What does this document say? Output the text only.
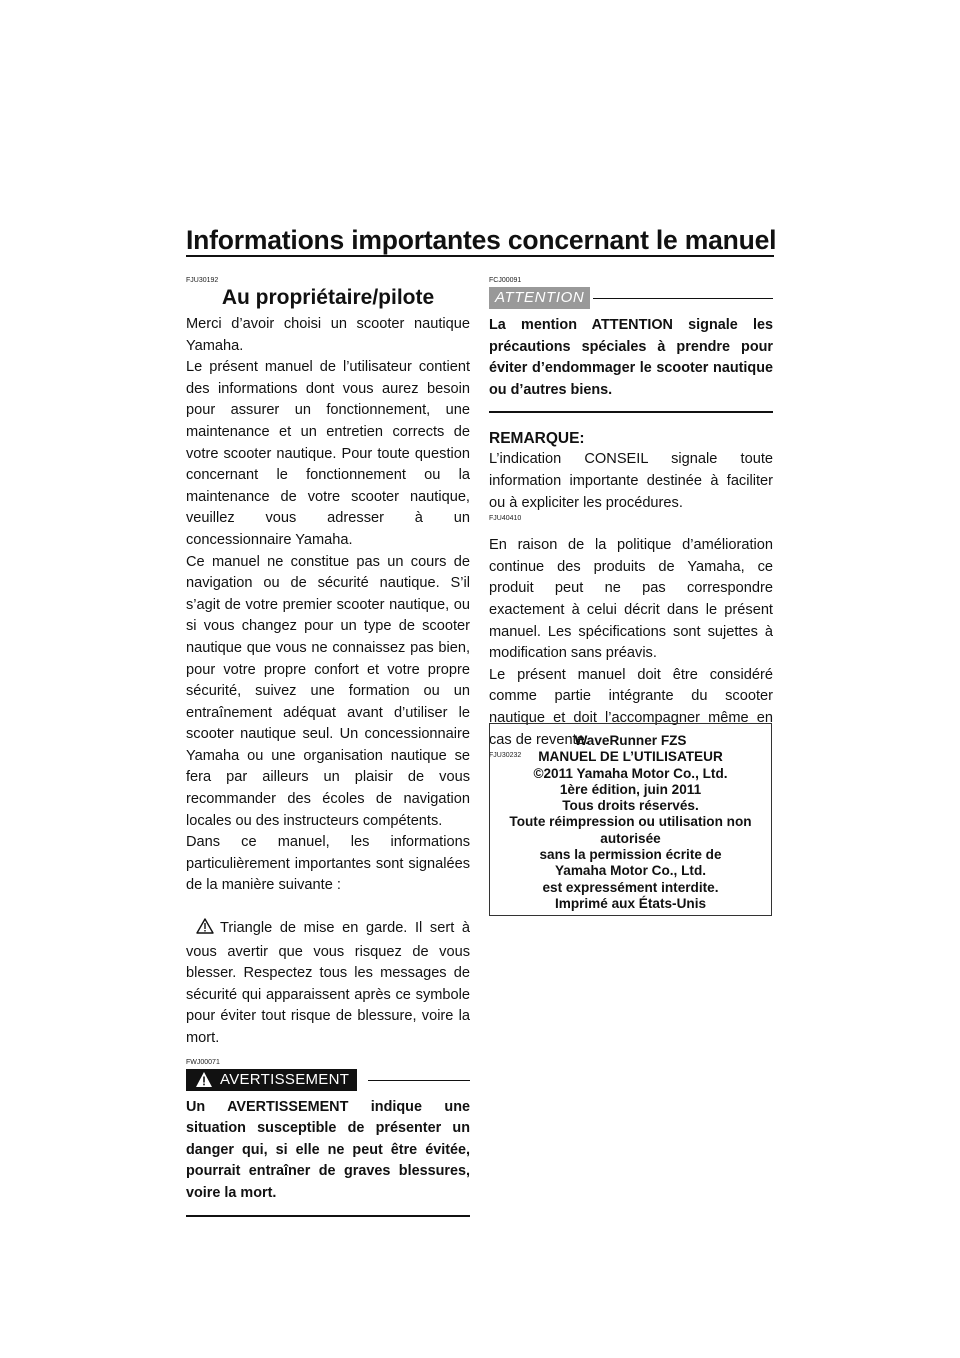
Informations importantes concernant le manuel
FJU30192
Au propriétaire/pilote

Merci d’avoir choisi un scooter nautique Yamaha.

Le présent manuel de l’utilisateur contient des informations dont vous aurez besoin pour assurer un fonctionnement, une maintenance et un entretien corrects de votre scooter nautique. Pour toute question concernant le fonctionnement ou la maintenance de votre scooter nautique, veuillez vous adresser à un concessionnaire Yamaha.

Ce manuel ne constitue pas un cours de navigation ou de sécurité nautique. S’il s’agit de votre premier scooter nautique, ou si vous changez pour un type de scooter nautique que vous ne connaissez pas bien, pour votre propre confort et votre propre sécurité, suivez une formation ou un entraînement adéquat avant d’utiliser le scooter nautique seul. Un concessionnaire Yamaha ou une organisation nautique se fera par ailleurs un plaisir de vous recommander des écoles de navigation locales ou des instructeurs compétents.

Dans ce manuel, les informations particulièrement importantes sont signalées de la manière suivante :

Triangle de mise en garde. Il sert à vous avertir que vous risquez de vous blesser. Respectez tous les messages de sécurité qui apparaissent après ce symbole pour éviter tout risque de blessure, voire la mort.

FWJ00071
AVERTISSEMENT
Un AVERTISSEMENT indique une situation susceptible de présenter un danger qui, si elle ne peut être évitée, pourrait entraîner de graves blessures, voire la mort.
FCJ00091
ATTENTION
La mention ATTENTION signale les précautions spéciales à prendre pour éviter d’endommager le scooter nautique ou d’autres biens.
REMARQUE:

L’indication CONSEIL signale toute information importante destinée à faciliter ou à expliciter les procédures.

FJU40410

En raison de la politique d’amélioration continue des produits de Yamaha, ce produit peut ne pas correspondre exactement à celui décrit dans le présent manuel. Les spécifications sont sujettes à modification sans préavis.

Le présent manuel doit être considéré comme partie intégrante du scooter nautique et doit l’accompagner même en cas de revente.

FJU30232
WaveRunner FZS
MANUEL DE L’UTILISATEUR
©2011 Yamaha Motor Co., Ltd.
1ère édition, juin 2011
Tous droits réservés.
Toute réimpression ou utilisation non
autorisée
sans la permission écrite de
Yamaha Motor Co., Ltd.
est expressément interdite.
Imprimé aux États-Unis
